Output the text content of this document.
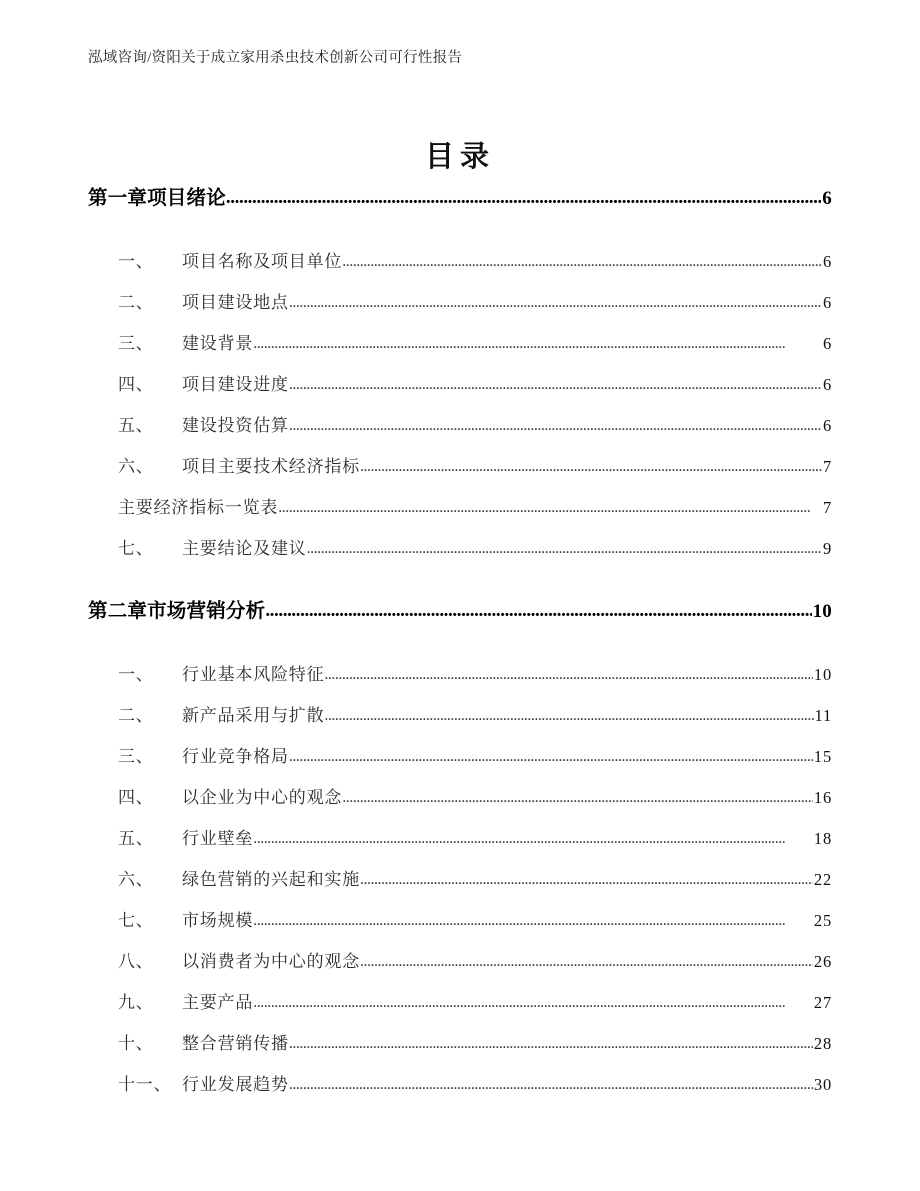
泓域咨询/资阳关于成立家用杀虫技术创新公司可行性报告
目录
第一章 项目绪论 .....	6
一、	项目名称及项目单位 .....	6
二、	项目建设地点 .....	6
三、	建设背景 .....	6
四、	项目建设进度 .....	6
五、	建设投资估算 .....	6
六、	项目主要技术经济指标 .....	7
主要经济指标一览表 .....	7
七、	主要结论及建议 .....	9
第二章 市场营销分析 .....	10
一、	行业基本风险特征 .....	10
二、	新产品采用与扩散 .....	11
三、	行业竞争格局 .....	15
四、	以企业为中心的观念 .....	16
五、	行业壁垒 .....	18
六、	绿色营销的兴起和实施 .....	22
七、	市场规模 .....	25
八、	以消费者为中心的观念 .....	26
九、	主要产品 .....	27
十、	整合营销传播 .....	28
十一、 行业发展趋势 .....	30
